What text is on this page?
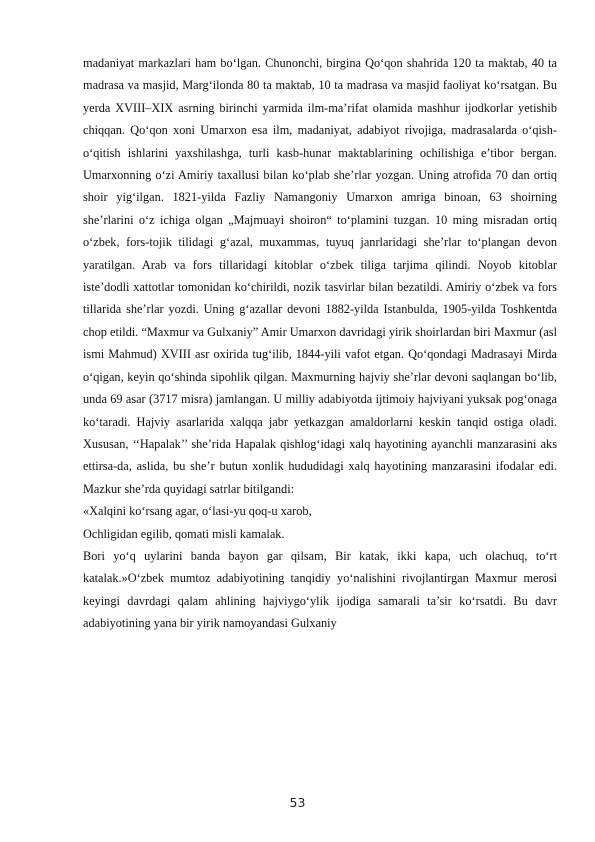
madaniyat markazlari ham bo‘lgan. Chunonchi, birgina Qo‘qon shahrida 120 ta maktab, 40 ta madrasa va masjid, Marg‘ilonda 80 ta maktab, 10 ta madrasa va masjid faoliyat ko‘rsatgan. Bu yerda XVIII–XIX asrning birinchi yarmida ilm-ma’rifat olamida mashhur ijodkorlar yetishib chiqqan. Qo‘qon xoni Umarxon esa ilm, madaniyat, adabiyot rivojiga, madrasalarda o‘qish-o‘qitish ishlarini yaxshilashga, turli kasb-hunar maktablarining ochilishiga e’tibor bergan. Umarxonning o‘zi Amiriy taxallusi bilan ko‘plab she’rlar yozgan. Uning atrofida 70 dan ortiq shoir yig‘ilgan. 1821-yilda Fazliy Namangoniy Umarxon amriga binoan, 63 shoirning she’rlarini o‘z ichiga olgan „Majmuayi shoiron“ to‘plamini tuzgan. 10 ming misradan ortiq o‘zbek, fors-tojik tilidagi g‘azal, muxammas, tuyuq janrlaridagi she’rlar to‘plangan devon yaratilgan. Arab va fors tillaridagi kitoblar o‘zbek tiliga tarjima qilindi. Noyob kitoblar iste’dodli xattotlar tomonidan ko‘chirildi, nozik tasvirlar bilan bezatildi. Amiriy o‘zbek va fors tillarida she’rlar yozdi. Uning g‘azallar devoni 1882-yilda Istanbulda, 1905-yilda Toshkentda chop etildi. “Maxmur va Gulxaniy” Amir Umarxon davridagi yirik shoirlardan biri Maxmur (asl ismi Mahmud) XVIII asr oxirida tug‘ilib, 1844-yili vafot etgan. Qo‘qondagi Madrasayi Mirda o‘qigan, keyin qo‘shinda sipohlik qilgan. Maxmurning hajviy she’rlar devoni saqlangan bo‘lib, unda 69 asar (3717 misra) jamlangan. U milliy adabiyotda ijtimoiy hajviyani yuksak pog‘onaga ko‘taradi. Hajviy asarlarida xalqqa jabr yetkazgan amaldorlarni keskin tanqid ostiga oladi. Xususan, ‘‘Hapalak’’ she’rida Hapalak qishlog‘idagi xalq hayotining ayanchli manzarasini aks ettirsa-da, aslida, bu she’r butun xonlik hududidagi xalq hayotining manzarasini ifodalar edi. Mazkur she’rda quyidagi satrlar bitilgandi:

«Xalqini ko‘rsang agar, o‘lasi-yu qoq-u xarob,

Ochligidan egilib, qomati misli kamalak.

Bori yo‘q uylarini banda bayon gar qilsam, Bir katak, ikki kapa, uch olachuq, to‘rt katalak.»O‘zbek mumtoz adabiyotining tanqidiy yo‘nalishini rivojlantirgan Maxmur merosi keyingi davrdagi qalam ahlining hajviygo‘ylik ijodiga samarali ta’sir ko‘rsatdi. Bu davr adabiyotining yana bir yirik namoyandasi Gulxaniy

53
